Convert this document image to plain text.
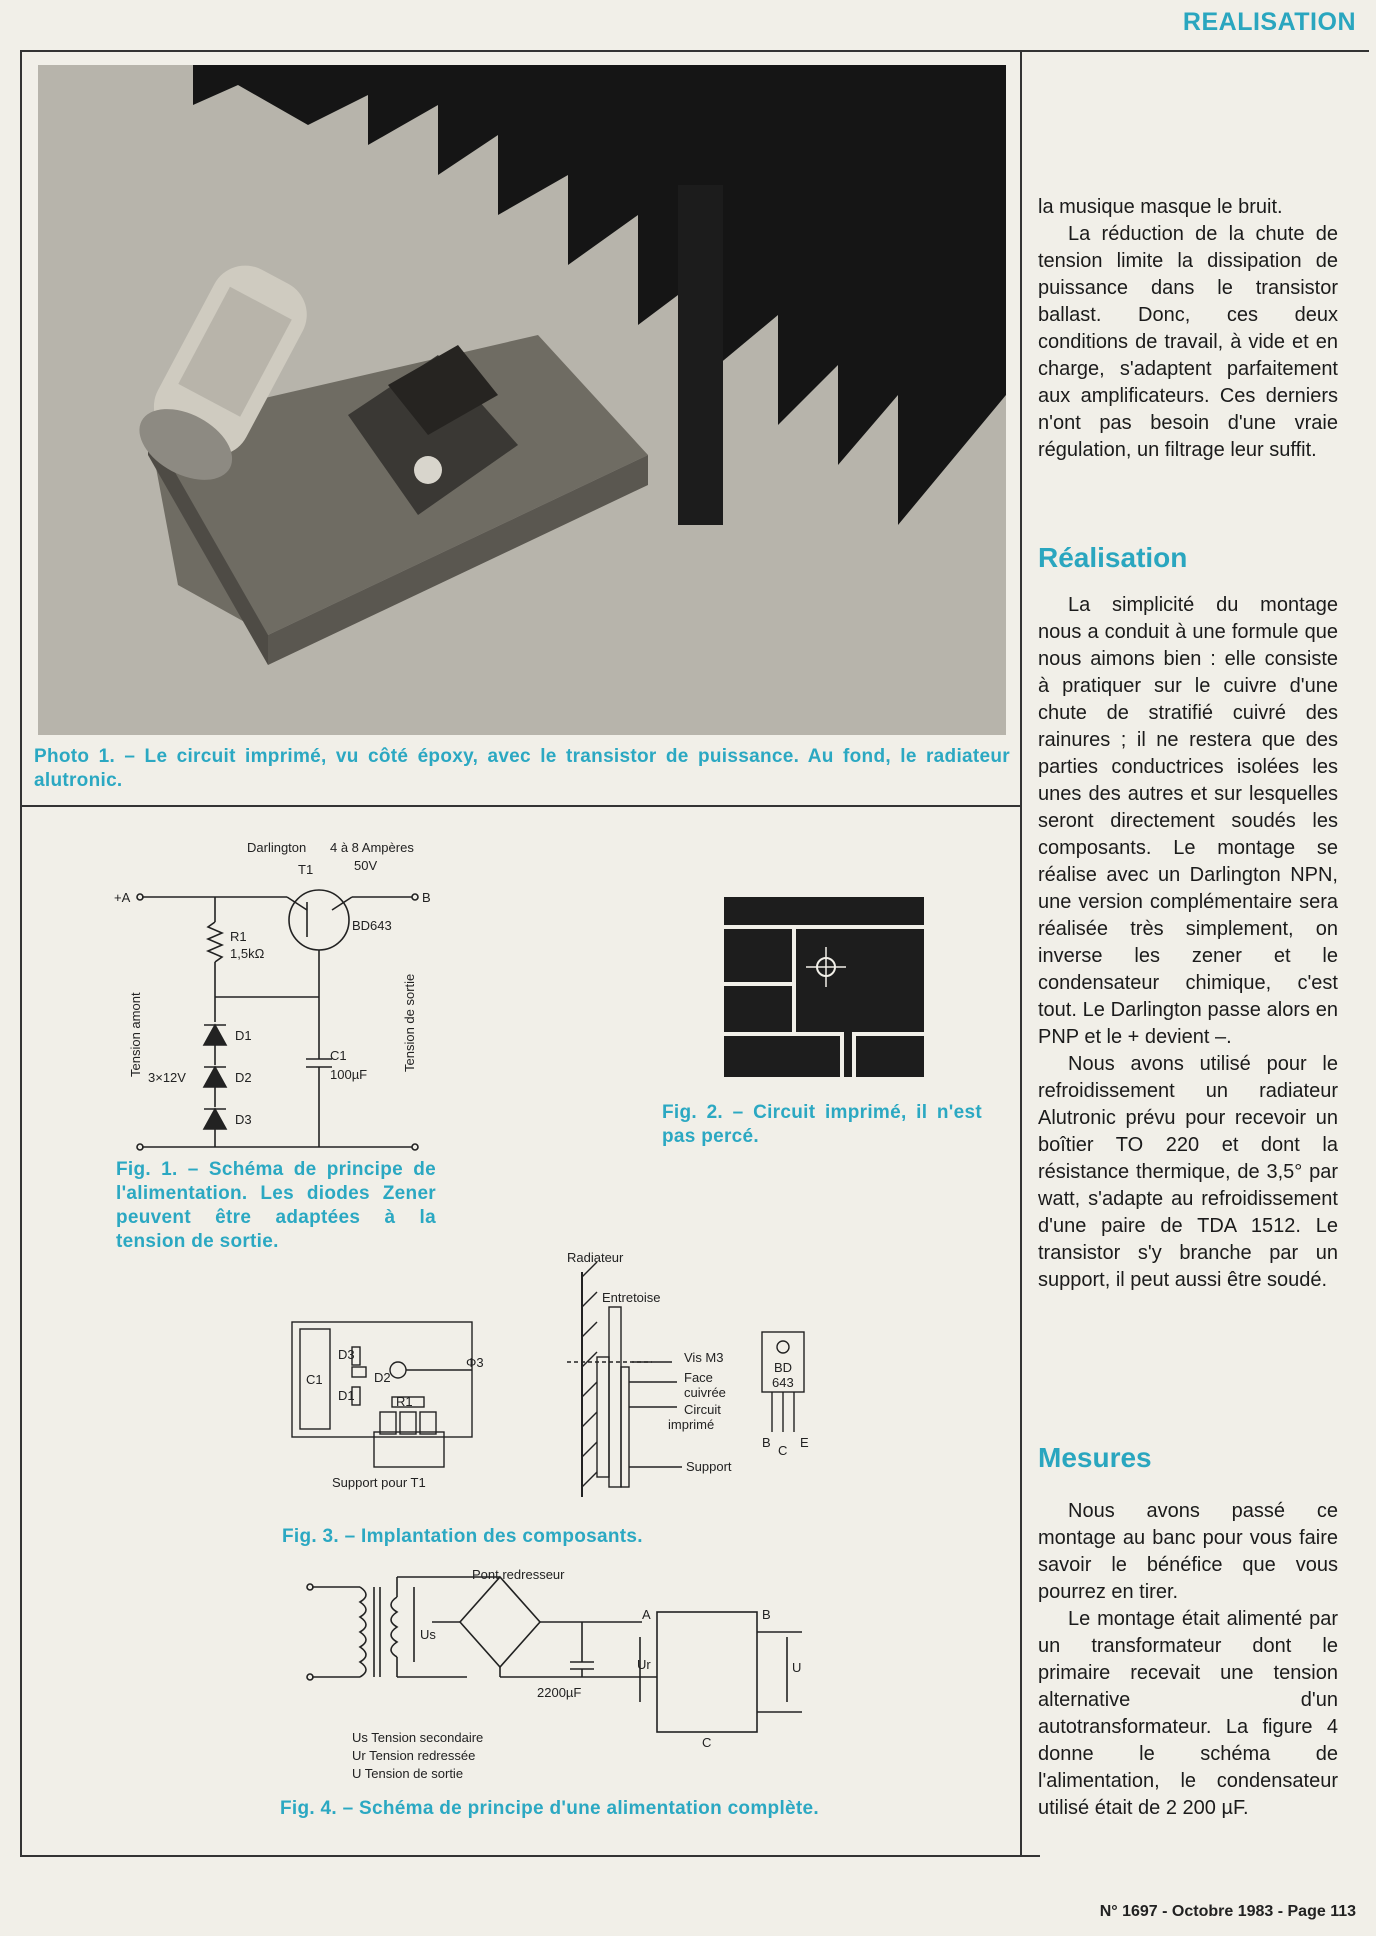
REALISATION
Photo 1. – Le circuit imprimé, vu côté époxy, avec le transistor de puissance. Au fond, le radiateur alutronic.
Darlington 4 à 8 Ampères
T1	50V
+A	B
BD643
R1
1,5kΩ
D1
D2
D3
3×12V
C1
100µF
Tension amont	Tension de sortie
Radiateur
Entretoise
Vis M3
Face
cuivrée
Circuit
imprimé
Support
Support pour T1
Φ3
C1
D1
D2
D3
R1
BD
643
B
C
E
Pont redresseur
Us
Ur	U
2200µF
A	B
C
Us Tension secondaire
Ur Tension redressée
U Tension de sortie
Fig. 1. – Schéma de principe de l'alimentation. Les diodes Zener peuvent être adaptées à la tension de sortie.
Fig. 2. – Circuit imprimé, il n'est pas percé.
Fig. 3. – Implantation des composants.
Fig. 4. – Schéma de principe d'une alimentation complète.

la musique masque le bruit.

La réduction de la chute de tension limite la dissipation de puissance dans le transistor ballast. Donc, ces deux conditions de travail, à vide et en charge, s'adaptent parfaitement aux amplificateurs. Ces derniers n'ont pas besoin d'une vraie régulation, un filtrage leur suffit.

Réalisation

La simplicité du montage nous a conduit à une formule que nous aimons bien : elle consiste à pratiquer sur le cuivre d'une chute de stratifié cuivré des rainures ; il ne restera que des parties conductrices isolées les unes des autres et sur lesquelles seront directement soudés les composants. Le montage se réalise avec un Darlington NPN, une version complémentaire sera réalisée très simplement, on inverse les zener et le condensateur chimique, c'est tout. Le Darlington passe alors en PNP et le + devient –.

Nous avons utilisé pour le refroidissement un radiateur Alutronic prévu pour recevoir un boîtier TO 220 et dont la résistance thermique, de 3,5° par watt, s'adapte au refroidissement d'une paire de TDA 1512. Le transistor s'y branche par un support, il peut aussi être soudé.

Mesures

Nous avons passé ce montage au banc pour vous faire savoir le bénéfice que vous pourrez en tirer.

Le montage était alimenté par un transformateur dont le primaire recevait une tension alternative d'un autotransformateur. La figure 4 donne le schéma de l'alimentation, le condensateur utilisé était de 2 200 µF.

N° 1697 - Octobre 1983 - Page 113
